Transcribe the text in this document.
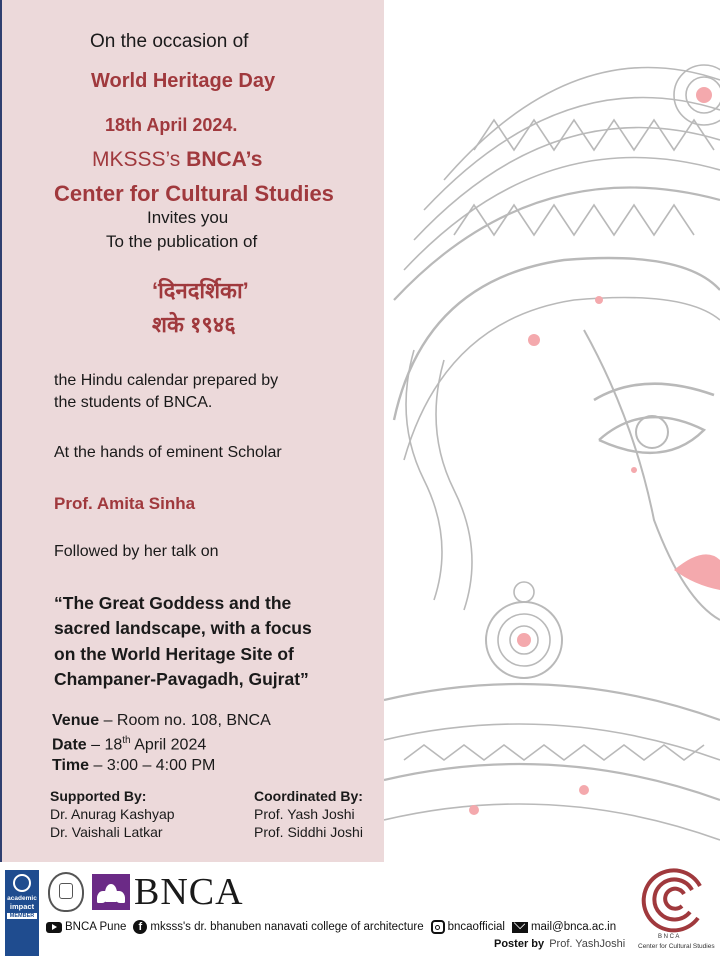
On the occasion of
World Heritage Day
18th April 2024.
MKSSS’s BNCA’s
Center for Cultural Studies
Invites you
To the publication of
‘दिनदर्शिका’
शके १९४६
the Hindu calendar prepared by
the students of BNCA.
At the hands of eminent Scholar
Prof. Amita Sinha
Followed by her talk on
“The Great Goddess and the
sacred landscape, with a focus
on the World Heritage Site of
Champaner-Pavagadh, Gujrat”
Venue – Room no. 108, BNCA
Date – 18th April 2024
Time – 3:00 – 4:00 PM
Supported By:
Dr. Anurag Kashyap
Dr. Vaishali Latkar
Coordinated By:
Prof. Yash Joshi
Prof. Siddhi Joshi
academic
impact
MEMBER
BNCA
BNCA Pune	f mksss's dr. bhanuben nanavati college of architecture bncaofficial mail@bnca.ac.in
Poster by Prof. YashJoshi
B N C A
Center for Cultural Studies
